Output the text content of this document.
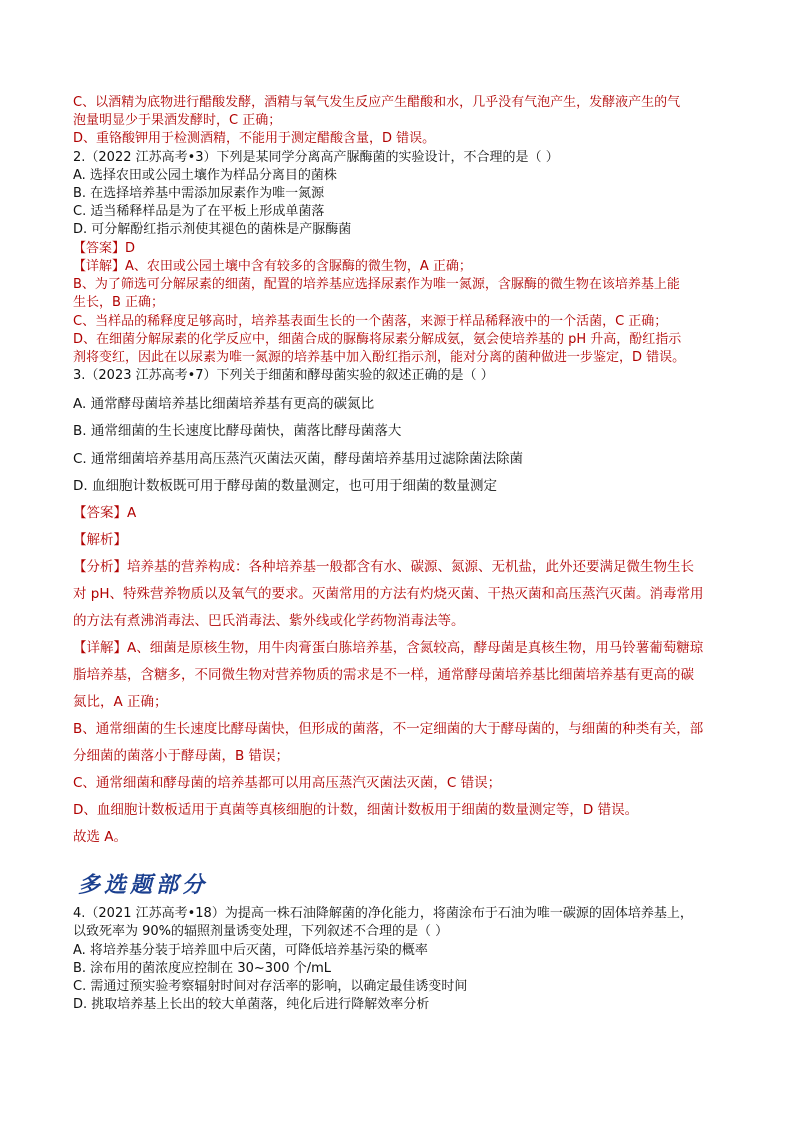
C、以酒精为底物进行醋酸发酵，酒精与氧气发生反应产生醋酸和水，几乎没有气泡产生，发酵液产生的气
泡量明显少于果酒发酵时，C 正确；
D、重铬酸钾用于检测酒精，不能用于测定醋酸含量，D 错误。
2.（2022 江苏高考•3）下列是某同学分离高产脲酶菌的实验设计，不合理的是（ ）
A. 选择农田或公园土壤作为样品分离目的菌株
B. 在选择培养基中需添加尿素作为唯一氮源
C. 适当稀释样品是为了在平板上形成单菌落
D. 可分解酚红指示剂使其褪色的菌株是产脲酶菌
【答案】D
【详解】A、农田或公园土壤中含有较多的含脲酶的微生物，A 正确；
B、为了筛选可分解尿素的细菌，配置的培养基应选择尿素作为唯一氮源，含脲酶的微生物在该培养基上能
生长，B 正确；
C、当样品的稀释度足够高时，培养基表面生长的一个菌落，来源于样品稀释液中的一个活菌，C 正确；
D、在细菌分解尿素的化学反应中，细菌合成的脲酶将尿素分解成氨，氨会使培养基的 pH 升高，酚红指示
剂将变红，因此在以尿素为唯一氮源的培养基中加入酚红指示剂，能对分离的菌种做进一步鉴定，D 错误。
3.（2023 江苏高考•7）下列关于细菌和酵母菌实验的叙述正确的是（ ）
A. 通常酵母菌培养基比细菌培养基有更高的碳氮比
B. 通常细菌的生长速度比酵母菌快，菌落比酵母菌落大
C. 通常细菌培养基用高压蒸汽灭菌法灭菌，酵母菌培养基用过滤除菌法除菌
D. 血细胞计数板既可用于酵母菌的数量测定，也可用于细菌的数量测定
【答案】A
【解析】
【分析】培养基的营养构成：各种培养基一般都含有水、碳源、氮源、无机盐，此外还要满足微生物生长
对 pH、特殊营养物质以及氧气的要求。灭菌常用的方法有灼烧灭菌、干热灭菌和高压蒸汽灭菌。消毒常用
的方法有煮沸消毒法、巴氏消毒法、紫外线或化学药物消毒法等。
【详解】A、细菌是原核生物，用牛肉膏蛋白胨培养基，含氮较高，酵母菌是真核生物，用马铃薯葡萄糖琼
脂培养基，含糖多，不同微生物对营养物质的需求是不一样，通常酵母菌培养基比细菌培养基有更高的碳
氮比，A 正确；
B、通常细菌的生长速度比酵母菌快，但形成的菌落，不一定细菌的大于酵母菌的，与细菌的种类有关，部
分细菌的菌落小于酵母菌，B 错误；
C、通常细菌和酵母菌的培养基都可以用高压蒸汽灭菌法灭菌，C 错误；
D、血细胞计数板适用于真菌等真核细胞的计数，细菌计数板用于细菌的数量测定等，D 错误。
故选 A。
多选题部分
4.（2021 江苏高考•18）为提高一株石油降解菌的净化能力，将菌涂布于石油为唯一碳源的固体培养基上，
以致死率为 90%的辐照剂量诱变处理，下列叙述不合理的是（ ）
A. 将培养基分装于培养皿中后灭菌，可降低培养基污染的概率
B. 涂布用的菌浓度应控制在 30~300 个/mL
C. 需通过预实验考察辐射时间对存活率的影响，以确定最佳诱变时间
D. 挑取培养基上长出的较大单菌落，纯化后进行降解效率分析
